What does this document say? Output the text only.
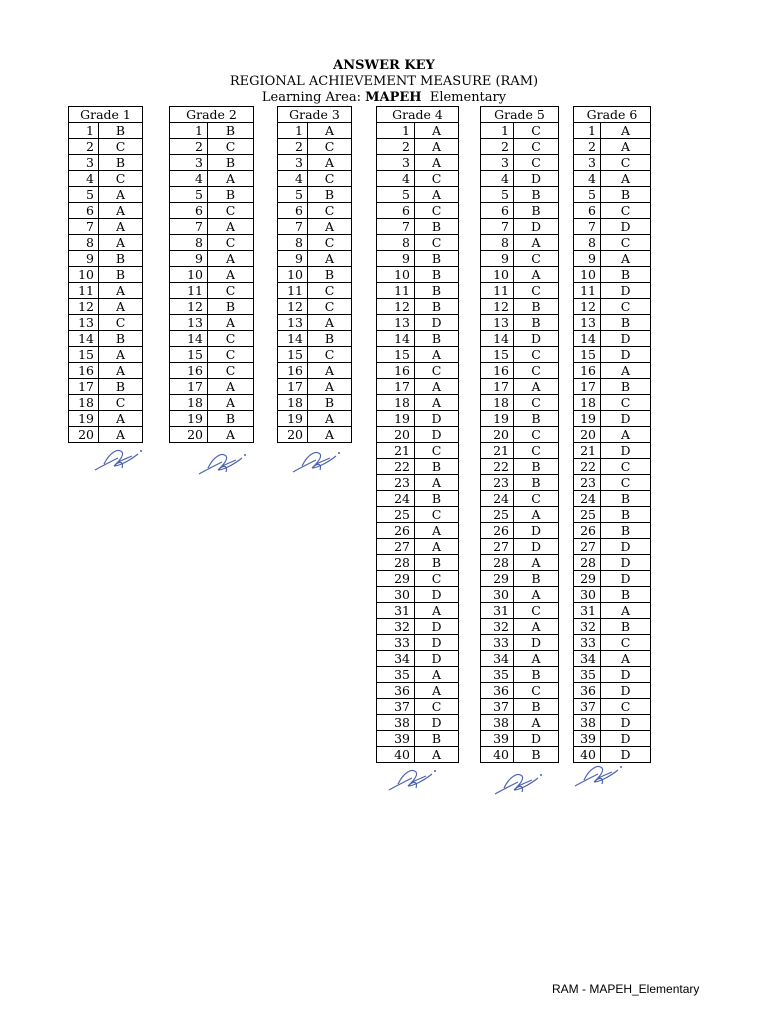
ANSWER KEY
REGIONAL ACHIEVEMENT MEASURE (RAM)
Learning Area: MAPEH Elementary
Grade 1	
1	B
2	C
3	B
4	C
5	A
6	A
7	A
8	A
9	B
10	B
11	A
12	A
13	C
14	B
15	A
16	A
17	B
18	C
19	A
20	A
Grade 2	
1	B
2	C
3	B
4	A
5	B
6	C
7	A
8	C
9	A
10	A
11	C
12	B
13	A
14	C
15	C
16	C
17	A
18	A
19	B
20	A
Grade 3	
1	A
2	C
3	A
4	C
5	B
6	C
7	A
8	C
9	A
10	B
11	C
12	C
13	A
14	B
15	C
16	A
17	A
18	B
19	A
20	A
Grade 4	
1	A
2	A
3	A
4	C
5	A
6	C
7	B
8	C
9	B
10	B
11	B
12	B
13	D
14	B
15	A
16	C
17	A
18	A
19	D
20	D
21	C
22	B
23	A
24	B
25	C
26	A
27	A
28	B
29	C
30	D
31	A
32	D
33	D
34	D
35	A
36	A
37	C
38	D
39	B
40	A
Grade 5	
1	C
2	C
3	C
4	D
5	B
6	B
7	D
8	A
9	C
10	A
11	C
12	B
13	B
14	D
15	C
16	C
17	A
18	C
19	B
20	C
21	C
22	B
23	B
24	C
25	A
26	D
27	D
28	A
29	B
30	A
31	C
32	A
33	D
34	A
35	B
36	C
37	B
38	A
39	D
40	B
Grade 6	
1	A
2	A
3	C
4	A
5	B
6	C
7	D
8	C
9	A
10	B
11	D
12	C
13	B
14	D
15	D
16	A
17	B
18	C
19	D
20	A
21	D
22	C
23	C
24	B
25	B
26	B
27	D
28	D
29	D
30	B
31	A
32	B
33	C
34	A
35	D
36	D
37	C
38	D
39	D
40	D
RAM - MAPEH_Elementary
